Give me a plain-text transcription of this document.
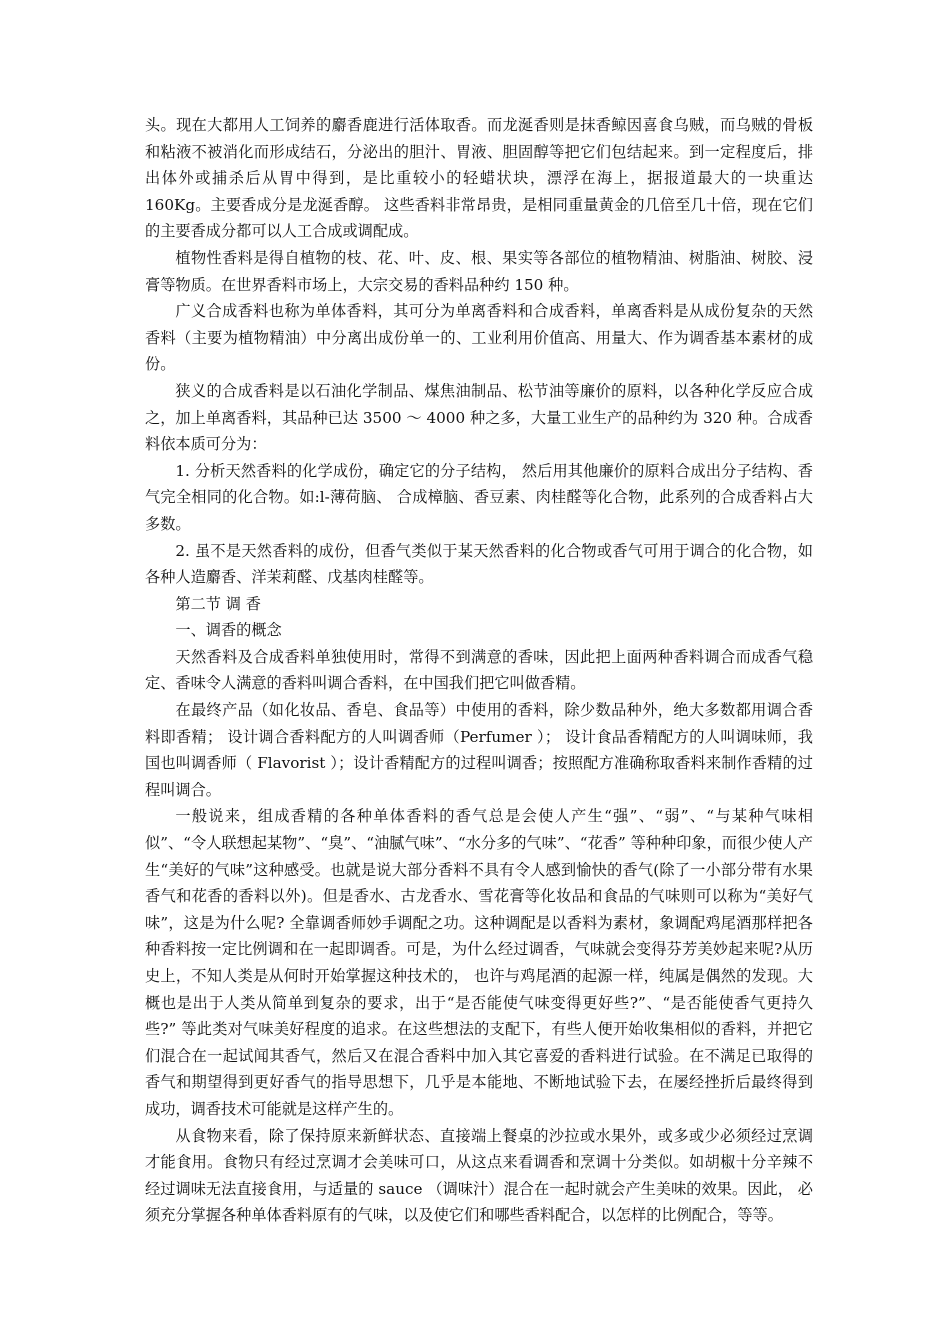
头。现在大都用人工饲养的麝香鹿进行活体取香。而龙涎香则是抹香鲸因喜食乌贼，而乌贼的骨板和粘液不被消化而形成结石，分泌出的胆汁、胃液、胆固醇等把它们包结起来。到一定程度后，排出体外或捕杀后从胃中得到，是比重较小的轻蜡状块，漂浮在海上，据报道最大的一块重达 160Kg。主要香成分是龙涎香醇。 这些香料非常昂贵，是相同重量黄金的几倍至几十倍，现在它们的主要香成分都可以人工合成或调配成。

植物性香料是得自植物的枝、花、叶、皮、根、果实等各部位的植物精油、树脂油、树胶、浸膏等物质。在世界香料市场上，大宗交易的香料品种约 150 种。

广义合成香料也称为单体香料，其可分为单离香料和合成香料，单离香料是从成份复杂的天然香料（主要为植物精油）中分离出成份单一的、工业利用价值高、用量大、作为调香基本素材的成份。

狭义的合成香料是以石油化学制品、煤焦油制品、松节油等廉价的原料，以各种化学反应合成之，加上单离香料，其品种已达 3500 ～ 4000 种之多，大量工业生产的品种约为 320 种。合成香料依本质可分为：

1. 分析天然香料的化学成份，确定它的分子结构， 然后用其他廉价的原料合成出分子结构、香气完全相同的化合物。如:l-薄荷脑、 合成樟脑、香豆素、肉桂醛等化合物，此系列的合成香料占大多数。

2. 虽不是天然香料的成份，但香气类似于某天然香料的化合物或香气可用于调合的化合物，如各种人造麝香、洋茉莉醛、戊基肉桂醛等。

第二节 调 香

一、调香的概念

天然香料及合成香料单独使用时，常得不到满意的香味，因此把上面两种香料调合而成香气稳定、香味令人满意的香料叫调合香料，在中国我们把它叫做香精。

在最终产品（如化妆品、香皂、食品等）中使用的香料，除少数品种外，绝大多数都用调合香料即香精； 设计调合香料配方的人叫调香师（Perfumer ）； 设计食品香精配方的人叫调味师，我国也叫调香师（ Flavorist ）；设计香精配方的过程叫调香；按照配方准确称取香料来制作香精的过程叫调合。

一般说来，组成香精的各种单体香料的香气总是会使人产生“强”、“弱”、“与某种气味相似”、“令人联想起某物”、“臭”、“油腻气味”、“水分多的气味”、“花香” 等种种印象，而很少使人产生“美好的气味”这种感受。也就是说大部分香料不具有令人感到愉快的香气(除了一小部分带有水果香气和花香的香料以外)。但是香水、古龙香水、雪花膏等化妆品和食品的气味则可以称为“美好气味”，这是为什么呢? 全靠调香师妙手调配之功。这种调配是以香料为素材，象调配鸡尾酒那样把各种香料按一定比例调和在一起即调香。可是，为什么经过调香，气味就会变得芬芳美妙起来呢?从历史上，不知人类是从何时开始掌握这种技术的， 也许与鸡尾酒的起源一样，纯属是偶然的发现。大概也是出于人类从简单到复杂的要求，出于“是否能使气味变得更好些?”、“是否能使香气更持久些?” 等此类对气味美好程度的追求。在这些想法的支配下，有些人便开始收集相似的香料，并把它们混合在一起试闻其香气，然后又在混合香料中加入其它喜爱的香料进行试验。在不满足已取得的香气和期望得到更好香气的指导思想下，几乎是本能地、不断地试验下去，在屡经挫折后最终得到成功，调香技术可能就是这样产生的。

从食物来看，除了保持原来新鲜状态、直接端上餐桌的沙拉或水果外，或多或少必须经过烹调才能食用。食物只有经过烹调才会美味可口，从这点来看调香和烹调十分类似。如胡椒十分辛辣不经过调味无法直接食用，与适量的 sauce （调味汁）混合在一起时就会产生美味的效果。因此， 必须充分掌握各种单体香料原有的气味，以及使它们和哪些香料配合，以怎样的比例配合，等等。
